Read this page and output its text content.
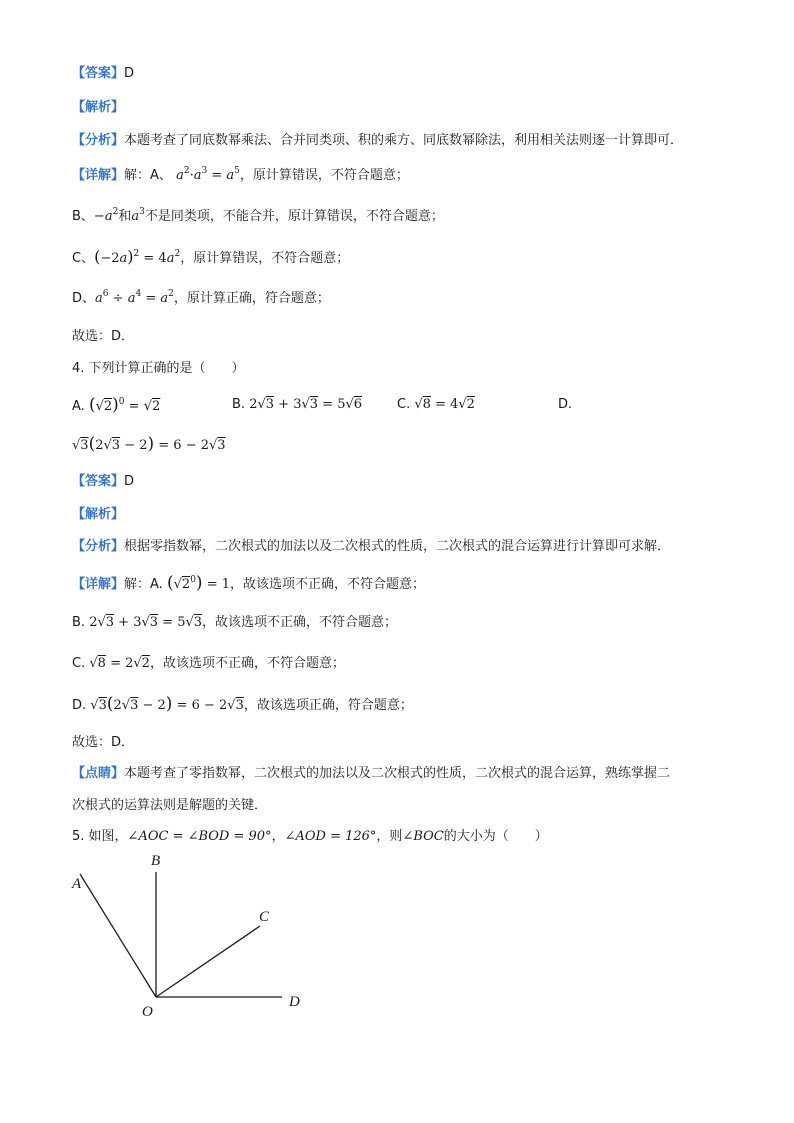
【答案】D
【解析】
【分析】本题考查了同底数幂乘法、合并同类项、积的乘方、同底数幂除法，利用相关法则逐一计算即可．
【详解】解：A、 $a^2\cdot a^3 = a^5$，原计算错误，不符合题意；
B、$-a^2$和$a^3$不是同类项，不能合并，原计算错误，不符合题意；
C、$(-2a)^2 = 4a^2$，原计算错误，不符合题意；
D、$a^6 \div a^4 = a^2$，原计算正确，符合题意；
故选：D．
4. 下列计算正确的是（　　）
A. $(√2)^0 = √2$	B. 2√3 + 3√3 = 5√6	C. √8 = 4√2	D.
√3(2√3 − 2) = 6 − 2√3
【答案】D
【解析】
【分析】根据零指数幂，二次根式的加法以及二次根式的性质，二次根式的混合运算进行计算即可求解．
【详解】解：A. $(√2^0) = 1$，故该选项不正确，不符合题意；
B. 2√3 + 3√3 = 5√3，故该选项不正确，不符合题意；
C. √8 = 2√2，故该选项不正确，不符合题意；
D. √3(2√3 − 2) = 6 − 2√3，故该选项正确，符合题意；
故选：D．
【点睛】本题考查了零指数幂，二次根式的加法以及二次根式的性质，二次根式的混合运算，熟练掌握二
次根式的运算法则是解题的关键．
5. 如图，∠AOC = ∠BOD = 90°，∠AOD = 126°，则∠BOC的大小为（　　）
A
B
C
D
O
